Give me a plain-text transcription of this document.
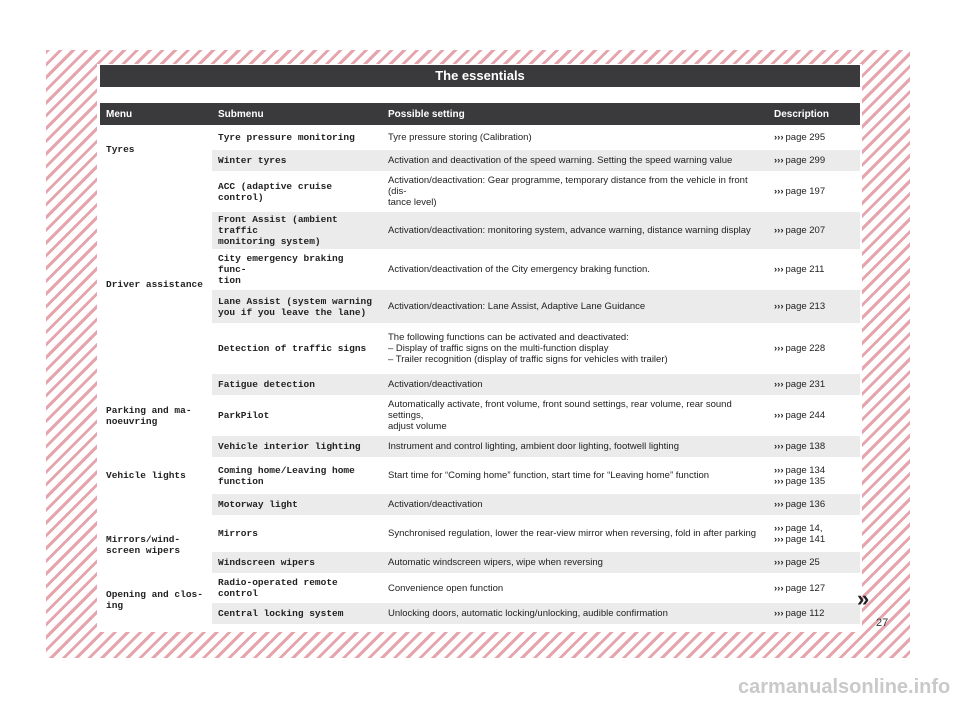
The essentials
Menu	Submenu	Possible setting	Description
Tyres	Tyre pressure monitoring	Tyre pressure storing (Calibration)	››› page 295

	Winter tyres	Activation and deactivation of the speed warning. Setting the speed warning value	››› page 299

Driver assistance	ACC (adaptive cruise control)	Activation/deactivation: Gear programme, temporary distance from the vehicle in front (dis-
tance level)	››› page 197

	Front Assist (ambient traffic
monitoring system)	Activation/deactivation: monitoring system, advance warning, distance warning display	››› page 207

	City emergency braking func-
tion	Activation/deactivation of the City emergency braking function.	››› page 211

	Lane Assist (system warning
you if you leave the lane)	Activation/deactivation: Lane Assist, Adaptive Lane Guidance	››› page 213

	Detection of traffic signs	The following functions can be activated and deactivated:
– Display of traffic signs on the multi-function display
– Trailer recognition (display of traffic signs for vehicles with trailer)	››› page 228

	Fatigue detection	Activation/deactivation	››› page 231

Parking and ma-
noeuvring	ParkPilot	Automatically activate, front volume, front sound settings, rear volume, rear sound settings,
adjust volume	››› page 244

Vehicle lights	Vehicle interior lighting	Instrument and control lighting, ambient door lighting, footwell lighting	››› page 138

	Coming home/Leaving home
function	Start time for “Coming home” function, start time for “Leaving home” function	››› page 134
››› page 135

	Motorway light	Activation/deactivation	››› page 136

Mirrors/wind-
screen wipers	Mirrors	Synchronised regulation, lower the rear-view mirror when reversing, fold in after parking	››› page 14,
››› page 141

	Windscreen wipers	Automatic windscreen wipers, wipe when reversing	››› page 25

Opening and clos-
ing	Radio-operated remote control	Convenience open function	››› page 127

	Central locking system	Unlocking doors, automatic locking/unlocking, audible confirmation	››› page 112
»
27
carmanualsonline.info
